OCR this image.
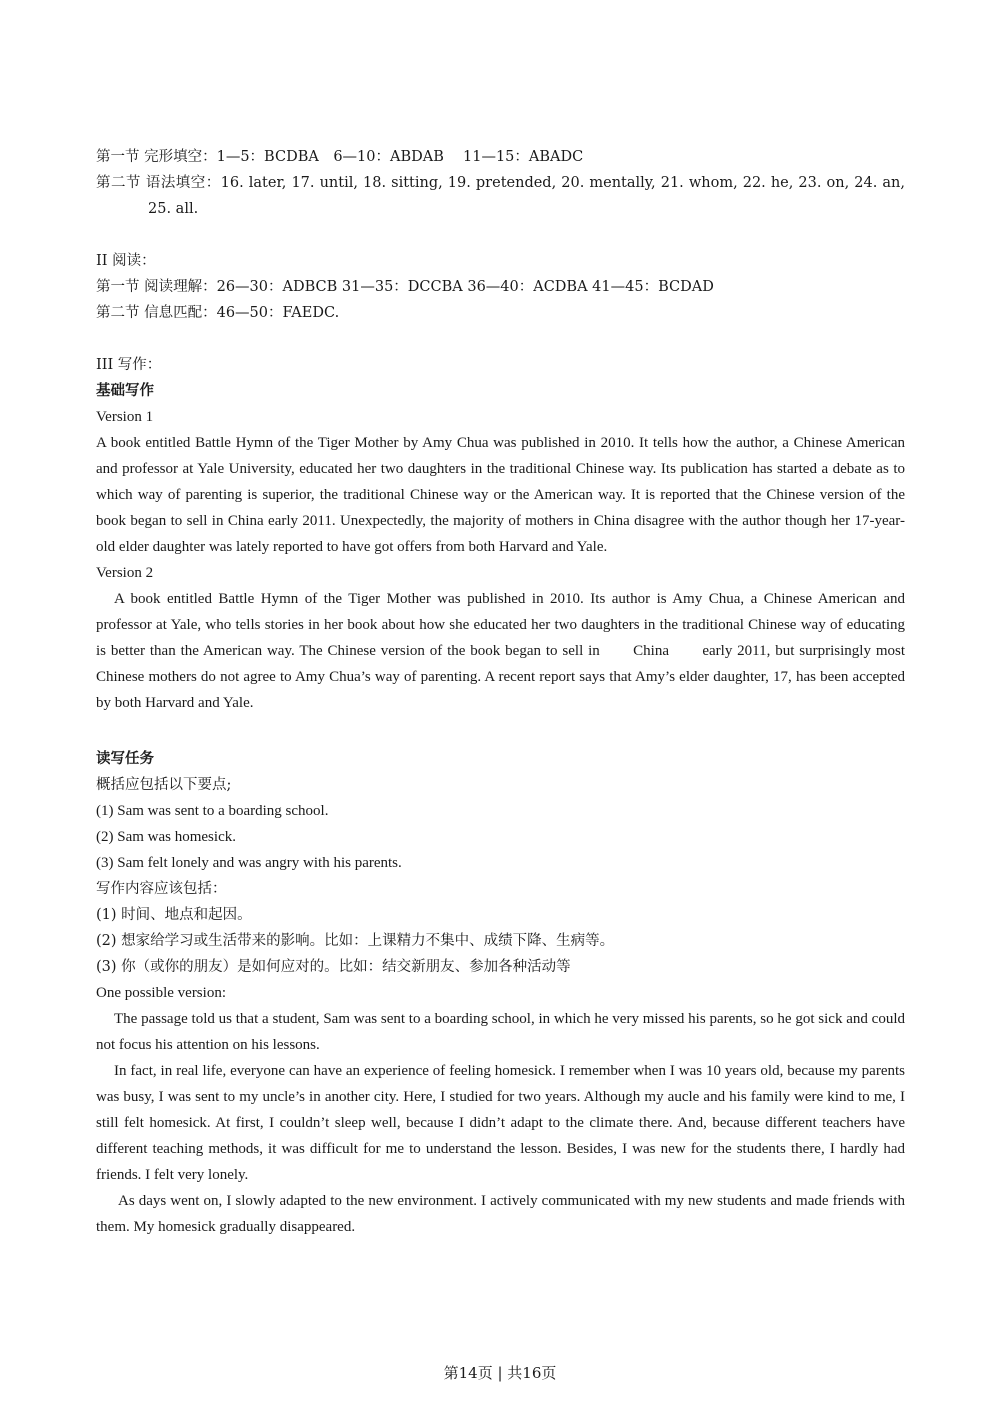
第一节 完形填空：1—5：BCDBA　6—10：ABDAB　 11—15：ABADC

第二节 语法填空：16. later, 17. until, 18. sitting, 19. pretended, 20. mentally, 21. whom, 22. he, 23. on, 24. an, 25. all.

II 阅读：

第一节 阅读理解：26—30：ADBCB 31—35：DCCBA 36—40：ACDBA 41—45：BCDAD

第二节 信息匹配：46—50：FAEDC.

III 写作：

基础写作

Version 1

A book entitled Battle Hymn of the Tiger Mother by Amy Chua was published in 2010. It tells how the author, a Chinese American and professor at Yale University, educated her two daughters in the traditional Chinese way. Its publication has started a debate as to which way of parenting is superior, the traditional Chinese way or the American way. It is reported that the Chinese version of the book began to sell in China early 2011. Unexpectedly, the majority of mothers in China disagree with the author though her 17-year-old elder daughter was lately reported to have got offers from both Harvard and Yale.

Version 2

A book entitled Battle Hymn of the Tiger Mother was published in 2010. Its author is Amy Chua, a Chinese American and professor at Yale, who tells stories in her book about how she educated her two daughters in the traditional Chinese way of educating is better than the American way. The Chinese version of the book began to sell in　　China　　early 2011, but surprisingly most Chinese mothers do not agree to Amy Chua’s way of parenting. A recent report says that Amy’s elder daughter, 17, has been accepted by both Harvard and Yale.

读写任务

概括应包括以下要点;

(1) Sam was sent to a boarding school.

(2) Sam was homesick.

(3) Sam felt lonely and was angry with his parents.

写作内容应该包括：

(1) 时间、地点和起因。

(2) 想家给学习或生活带来的影响。比如：上课精力不集中、成绩下降、生病等。

(3) 你（或你的朋友）是如何应对的。比如：结交新朋友、参加各种活动等

One possible version:

The passage told us that a student, Sam was sent to a boarding school, in which he very missed his parents, so he got sick and could not focus his attention on his lessons.

In fact, in real life, everyone can have an experience of feeling homesick. I remember when I was 10 years old, because my parents was busy, I was sent to my uncle’s in another city. Here, I studied for two years. Although my aucle and his family were kind to me, I still felt homesick. At first, I couldn’t sleep well, because I didn’t adapt to the climate there. And, because different teachers have different teaching methods, it was difficult for me to understand the lesson. Besides, I was new for the students there, I hardly had friends. I felt very lonely.

As days went on, I slowly adapted to the new environment. I actively communicated with my new students and made friends with them. My homesick gradually disappeared.

第14页 | 共16页
